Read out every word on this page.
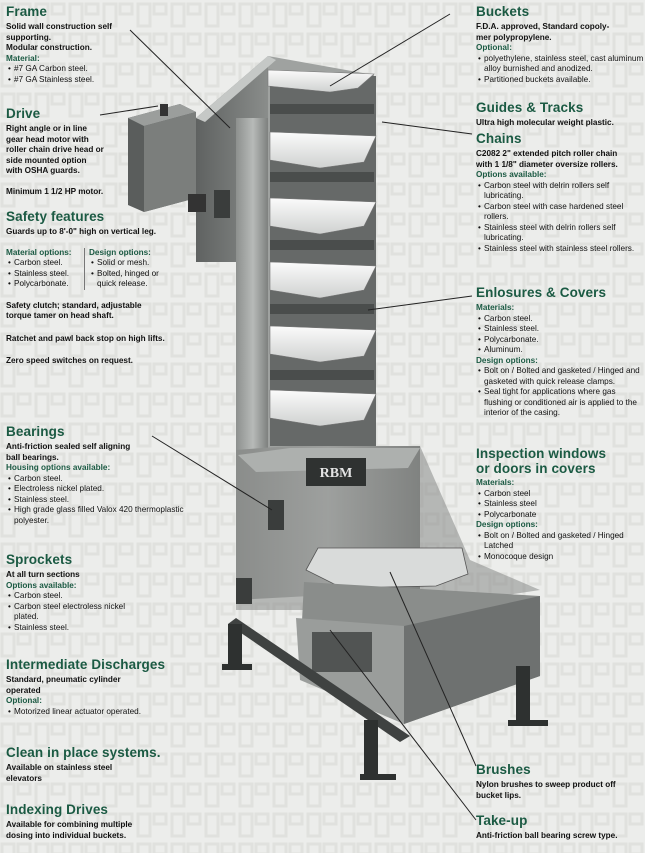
RBM
Frame

Solid wall construction self

supporting.

Modular construction.

Material:
• #7 GA Carbon steel.
• #7 GA Stainless steel.
Drive

Right angle or in line

gear head motor with

roller chain drive head or

side mounted option

with OSHA guards.

Minimum 1 1/2 HP motor.

Safety features

Guards up to 8'-0" high on vertical leg.

Material options:
• Carbon steel.
• Stainless steel.
• Polycarbonate.
Design options:
• Solid or mesh.
• Bolted, hinged or quick release.

Safety clutch; standard, adjustable

torque tamer on head shaft.

Ratchet and pawl back stop on high lifts.

Zero speed switches on request.

Bearings

Anti-friction sealed self aligning

ball bearings.

Housing options available:
• Carbon steel.
• Electroless nickel plated.
• Stainless steel.
• High grade glass filled Valox 420 thermoplastic polyester.
Sprockets

At all turn sections

Options available:
• Carbon steel.
• Carbon steel electroless nickel plated.
• Stainless steel.
Intermediate Discharges

Standard, pneumatic cylinder

operated

Optional:
• Motorized linear actuator operated.
Clean in place systems.

Available on stainless steel

elevators

Indexing Drives

Available for combining multiple

dosing into individual buckets.

Buckets

F.D.A. approved, Standard copoly-

mer polypropylene.

Optional:
• polyethylene, stainless steel, cast aluminum alloy burnished and anodized.
• Partitioned buckets available.
Guides & Tracks

Ultra high molecular weight plastic.

Chains

C2082 2" extended pitch roller chain

with 1 1/8" diameter oversize rollers.

Options available:
• Carbon steel with delrin rollers self lubricating.
• Carbon steel with case hardened steel rollers.
• Stainless steel with delrin rollers self lubricating.
• Stainless steel with stainless steel rollers.
Enlosures & Covers
Materials:
• Carbon steel.
• Stainless steel.
• Polycarbonate.
• Aluminum.
Design options:
• Bolt on / Bolted and gasketed / Hinged and gasketed with quick release clamps.
• Seal tight for applications where gas flushing or conditioned air is applied to the interior of the casing.
Inspection windows
or doors in covers
Materials:
• Carbon steel
• Stainless steel
• Polycarbonate
Design options:
• Bolt on / Bolted and gasketed / Hinged Latched
• Monocoque design
Brushes

Nylon brushes to sweep product off

bucket lips.

Take-up

Anti-friction ball bearing screw type.
